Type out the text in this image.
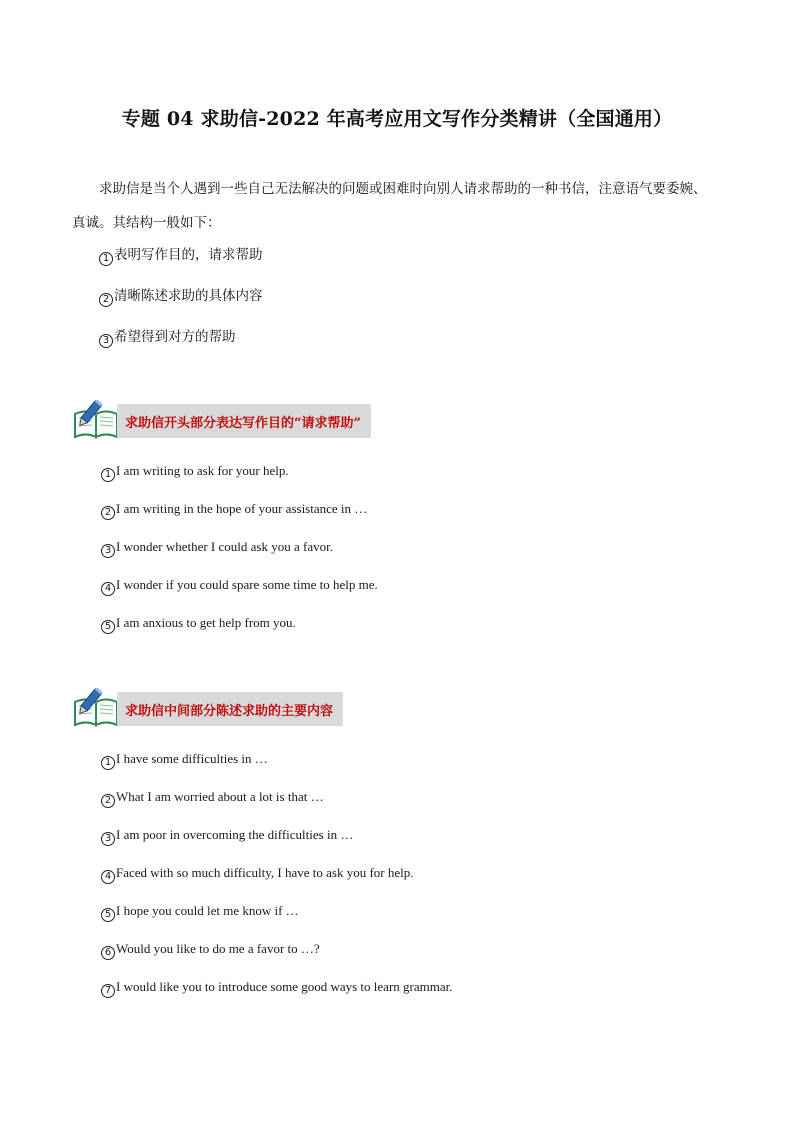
专题 04 求助信-2022 年高考应用文写作分类精讲（全国通用）
求助信是当个人遇到一些自己无法解决的问题或困难时向别人请求帮助的一种书信，注意语气要委婉、
真诚。其结构一般如下：
1 表明写作目的，请求帮助
2 清晰陈述求助的具体内容
3 希望得到对方的帮助
求助信开头部分表达写作目的“请求帮助”
1 I am writing to ask for your help.
2 I am writing in the hope of your assistance in …
3 I wonder whether I could ask you a favor.
4 I wonder if you could spare some time to help me.
5 I am anxious to get help from you.
求助信中间部分陈述求助的主要内容
1 I have some difficulties in …
2 What I am worried about a lot is that …
3 I am poor in overcoming the difficulties in …
4 Faced with so much difficulty, I have to ask you for help.
5 I hope you could let me know if …
6 Would you like to do me a favor to …?
7 I would like you to introduce some good ways to learn grammar.
